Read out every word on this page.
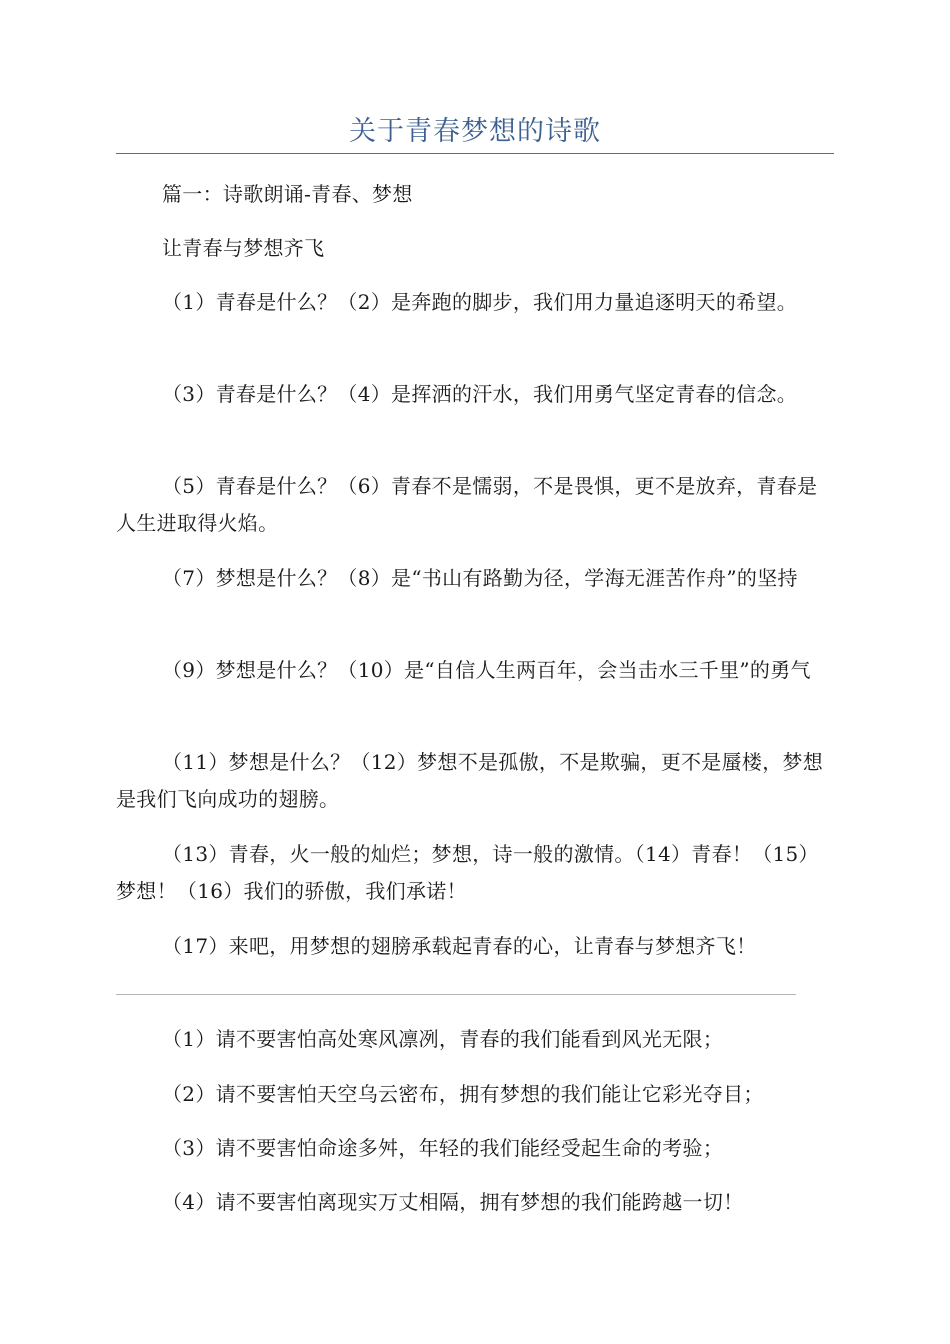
关于青春梦想的诗歌

篇一：诗歌朗诵-青春、梦想

让青春与梦想齐飞

（1）青春是什么？（2）是奔跑的脚步，我们用力量追逐明天的希望。

（3）青春是什么？（4）是挥洒的汗水，我们用勇气坚定青春的信念。

（5）青春是什么？（6）青春不是懦弱，不是畏惧，更不是放弃，青春是人生进取得火焰。

（7）梦想是什么？（8）是“书山有路勤为径，学海无涯苦作舟”的坚持

（9）梦想是什么？（10）是“自信人生两百年，会当击水三千里”的勇气

（11）梦想是什么？（12）梦想不是孤傲，不是欺骗，更不是蜃楼，梦想是我们飞向成功的翅膀。

（13）青春，火一般的灿烂；梦想，诗一般的激情。（14）青春！（15）梦想！（16）我们的骄傲，我们承诺！

（17）来吧，用梦想的翅膀承载起青春的心，让青春与梦想齐飞！

（1）请不要害怕高处寒风凛冽，青春的我们能看到风光无限；

（2）请不要害怕天空乌云密布，拥有梦想的我们能让它彩光夺目；

（3）请不要害怕命途多舛，年轻的我们能经受起生命的考验；

（4）请不要害怕离现实万丈相隔，拥有梦想的我们能跨越一切！
